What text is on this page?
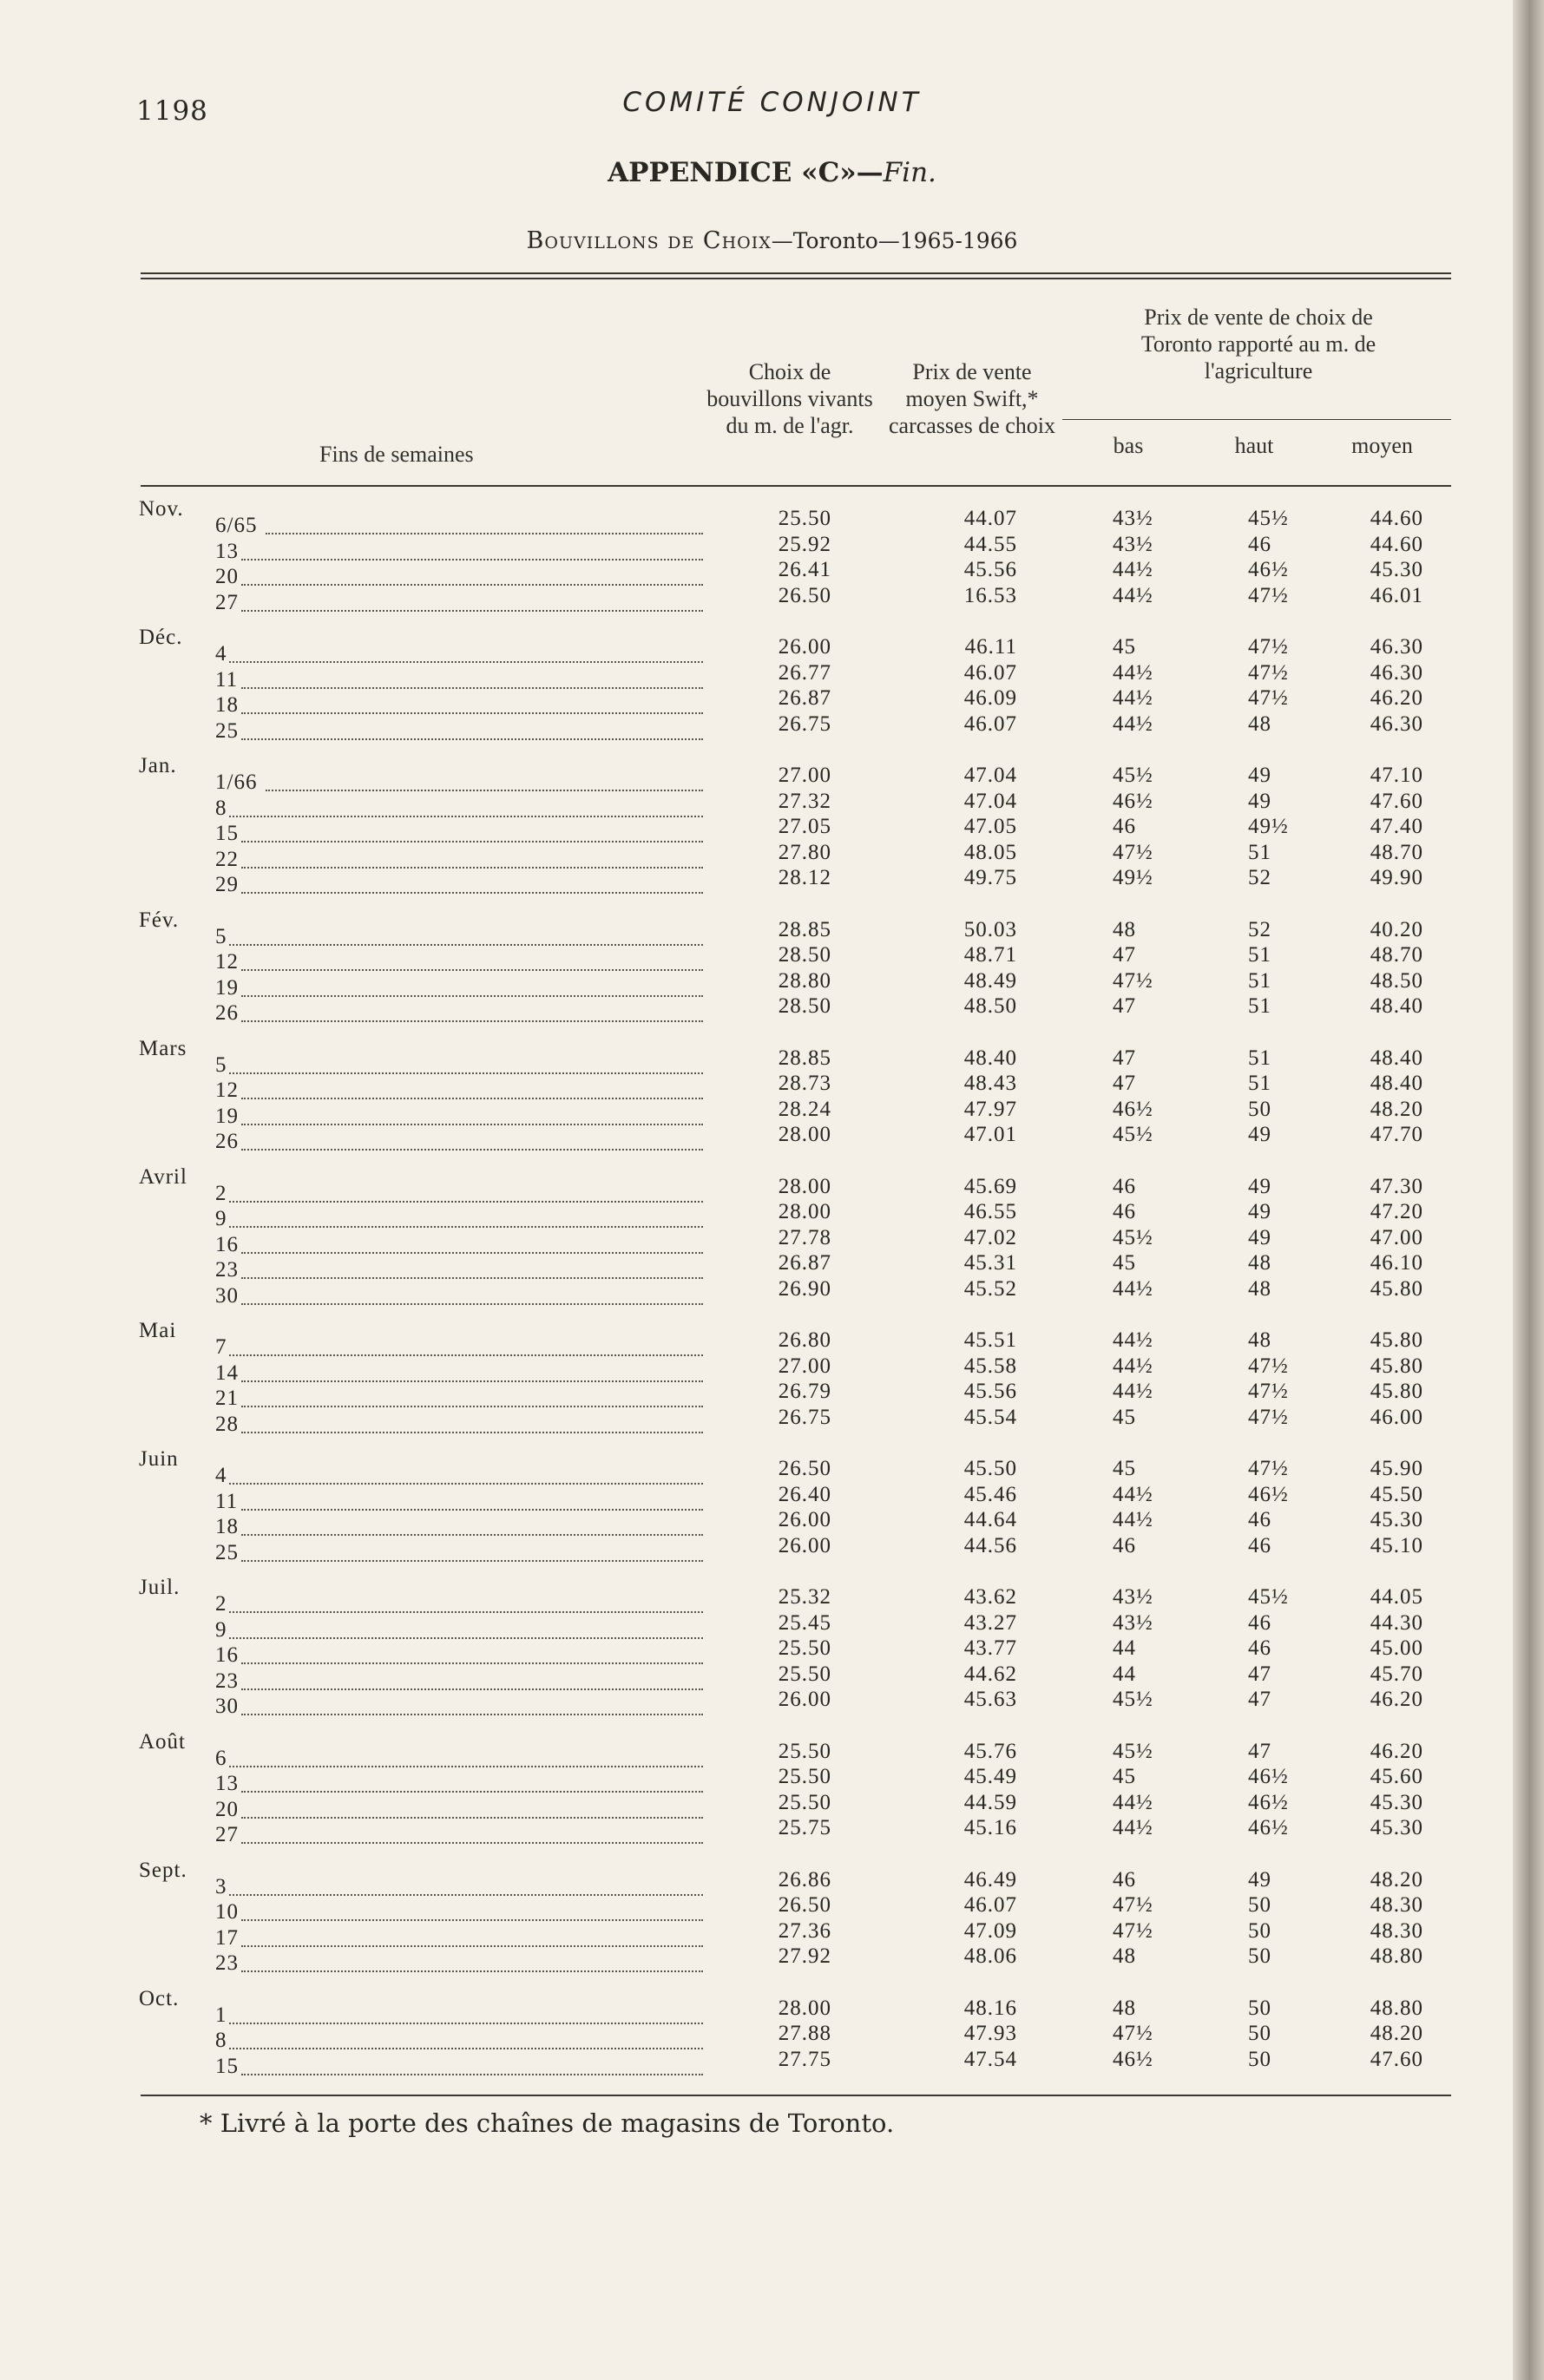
1198	COMITÉ CONJOINT
APPENDICE «C»—Fin.
Bouvillons de Choix—Toronto—1965-1966
Fins de semaines
Choix de bouvillons vivants du m. de l'agr.
Prix de vente moyen Swift,* carcasses de choix
Prix de vente de choix de Toronto rapporté au m. de l'agriculture
bas	haut	moyen
Nov.
6/65	25.50	44.07	43½	45½	44.60
13	25.92	44.55	43½	46	44.60
20	26.41	45.56	44½	46½	45.30
27	26.50	16.53	44½	47½	46.01
Déc.
4	26.00	46.11	45	47½	46.30
11	26.77	46.07	44½	47½	46.30
18	26.87	46.09	44½	47½	46.20
25	26.75	46.07	44½	48	46.30
Jan.
1/66	27.00	47.04	45½	49	47.10
8	27.32	47.04	46½	49	47.60
15	27.05	47.05	46	49½	47.40
22	27.80	48.05	47½	51	48.70
29	28.12	49.75	49½	52	49.90
Fév.
5	28.85	50.03	48	52	40.20
12	28.50	48.71	47	51	48.70
19	28.80	48.49	47½	51	48.50
26	28.50	48.50	47	51	48.40
Mars
5	28.85	48.40	47	51	48.40
12	28.73	48.43	47	51	48.40
19	28.24	47.97	46½	50	48.20
26	28.00	47.01	45½	49	47.70
Avril
2	28.00	45.69	46	49	47.30
9	28.00	46.55	46	49	47.20
16	27.78	47.02	45½	49	47.00
23	26.87	45.31	45	48	46.10
30	26.90	45.52	44½	48	45.80
Mai
7	26.80	45.51	44½	48	45.80
14	27.00	45.58	44½	47½	45.80
21	26.79	45.56	44½	47½	45.80
28	26.75	45.54	45	47½	46.00
Juin
4	26.50	45.50	45	47½	45.90
11	26.40	45.46	44½	46½	45.50
18	26.00	44.64	44½	46	45.30
25	26.00	44.56	46	46	45.10
Juil.
2	25.32	43.62	43½	45½	44.05
9	25.45	43.27	43½	46	44.30
16	25.50	43.77	44	46	45.00
23	25.50	44.62	44	47	45.70
30	26.00	45.63	45½	47	46.20
Août
6	25.50	45.76	45½	47	46.20
13	25.50	45.49	45	46½	45.60
20	25.50	44.59	44½	46½	45.30
27	25.75	45.16	44½	46½	45.30
Sept.
3	26.86	46.49	46	49	48.20
10	26.50	46.07	47½	50	48.30
17	27.36	47.09	47½	50	48.30
23	27.92	48.06	48	50	48.80
Oct.
1	28.00	48.16	48	50	48.80
8	27.88	47.93	47½	50	48.20
15	27.75	47.54	46½	50	47.60
* Livré à la porte des chaînes de magasins de Toronto.
